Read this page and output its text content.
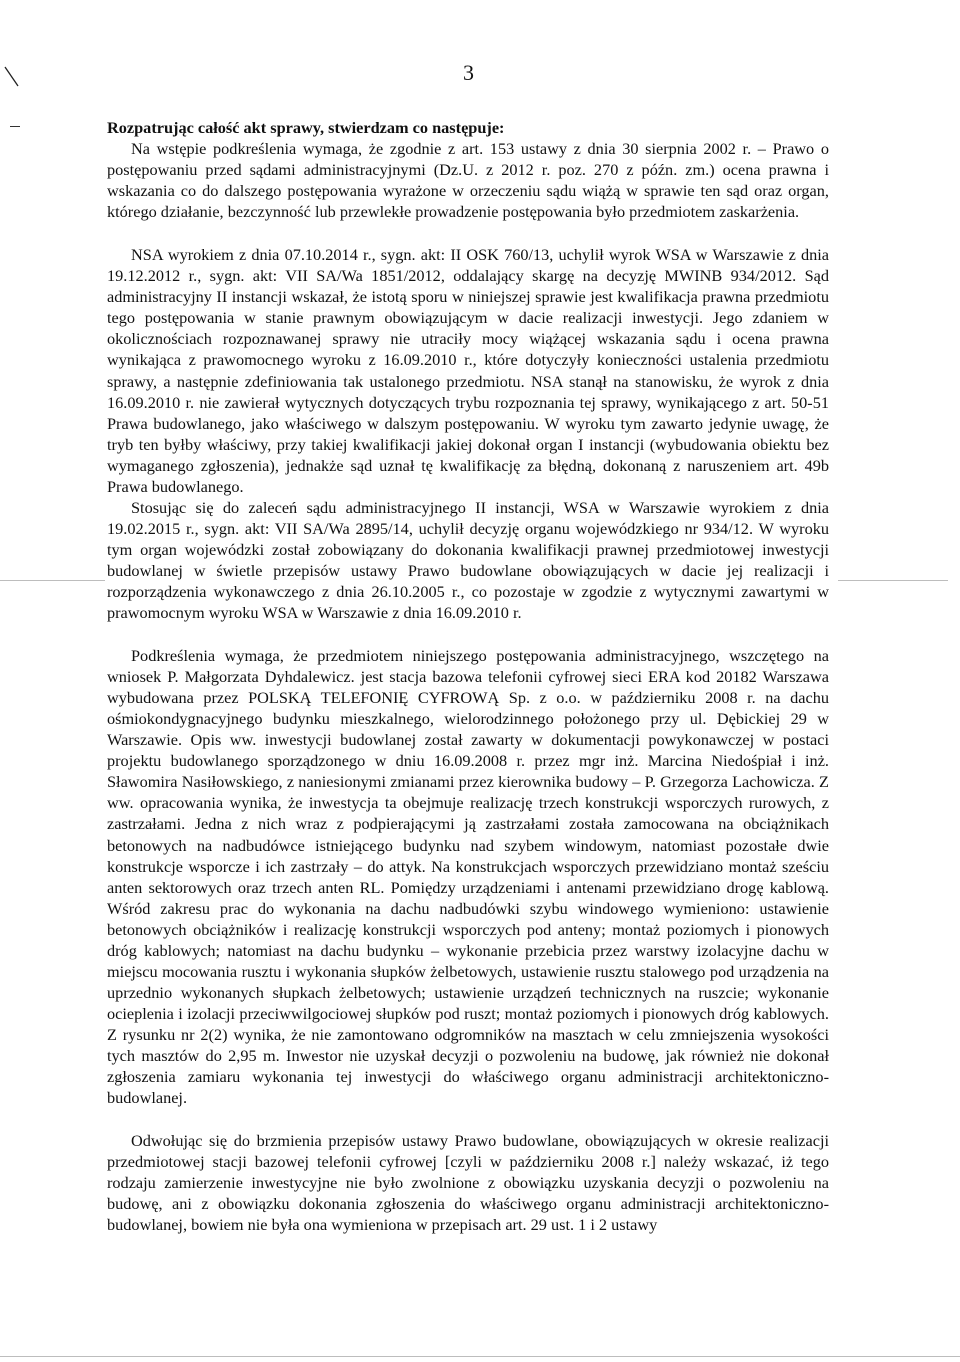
3

Rozpatrując całość akt sprawy, stwierdzam co następuje:

Na wstępie podkreślenia wymaga, że zgodnie z art. 153 ustawy z dnia 30 sierpnia 2002 r. – Prawo o postępowaniu przed sądami administracyjnymi (Dz.U. z 2012 r. poz. 270 z późn. zm.) ocena prawna i wskazania co do dalszego postępowania wyrażone w orzeczeniu sądu wiążą w sprawie ten sąd oraz organ, którego działanie, bezczynność lub przewlekłe prowadzenie postępowania było przedmiotem zaskarżenia.

NSA wyrokiem z dnia 07.10.2014 r., sygn. akt: II OSK 760/13, uchylił wyrok WSA w Warszawie z dnia 19.12.2012 r., sygn. akt: VII SA/Wa 1851/2012, oddalający skargę na decyzję MWINB 934/2012. Sąd administracyjny II instancji wskazał, że istotą sporu w niniejszej sprawie jest kwalifikacja prawna przedmiotu tego postępowania w stanie prawnym obowiązującym w dacie realizacji inwestycji. Jego zdaniem w okolicznościach rozpoznawanej sprawy nie utraciły mocy wiążącej wskazania sądu i ocena prawna wynikająca z prawomocnego wyroku z 16.09.2010 r., które dotyczyły konieczności ustalenia przedmiotu sprawy, a następnie zdefiniowania tak ustalonego przedmiotu. NSA stanął na stanowisku, że wyrok z dnia 16.09.2010 r. nie zawierał wytycznych dotyczących trybu rozpoznania tej sprawy, wynikającego z art. 50-51 Prawa budowlanego, jako właściwego w dalszym postępowaniu. W wyroku tym zawarto jedynie uwagę, że tryb ten byłby właściwy, przy takiej kwalifikacji jakiej dokonał organ I instancji (wybudowania obiektu bez wymaganego zgłoszenia), jednakże sąd uznał tę kwalifikację za błędną, dokonaną z naruszeniem art. 49b Prawa budowlanego.

Stosując się do zaleceń sądu administracyjnego II instancji, WSA w Warszawie wyrokiem z dnia 19.02.2015 r., sygn. akt: VII SA/Wa 2895/14, uchylił decyzję organu wojewódzkiego nr 934/12. W wyroku tym organ wojewódzki został zobowiązany do dokonania kwalifikacji prawnej przedmiotowej inwestycji budowlanej w świetle przepisów ustawy Prawo budowlane obowiązujących w dacie jej realizacji i rozporządzenia wykonawczego z dnia 26.10.2005 r., co pozostaje w zgodzie z wytycznymi zawartymi w prawomocnym wyroku WSA w Warszawie z dnia 16.09.2010 r.

Podkreślenia wymaga, że przedmiotem niniejszego postępowania administracyjnego, wszczętego na wniosek P. Małgorzata Dyhdalewicz. jest stacja bazowa telefonii cyfrowej sieci ERA kod 20182 Warszawa wybudowana przez POLSKĄ TELEFONIĘ CYFROWĄ Sp. z o.o. w październiku 2008 r. na dachu ośmiokondygnacyjnego budynku mieszkalnego, wielorodzinnego położonego przy ul. Dębickiej 29 w Warszawie. Opis ww. inwestycji budowlanej został zawarty w dokumentacji powykonawczej w postaci projektu budowlanego sporządzonego w dniu 16.09.2008 r. przez mgr inż. Marcina Niedośpiał i inż. Sławomira Nasiłowskiego, z naniesionymi zmianami przez kierownika budowy – P. Grzegorza Lachowicza. Z ww. opracowania wynika, że inwestycja ta obejmuje realizację trzech konstrukcji wsporczych rurowych, z zastrzałami. Jedna z nich wraz z podpierającymi ją zastrzałami została zamocowana na obciążnikach betonowych na nadbudówce istniejącego budynku nad szybem windowym, natomiast pozostałe dwie konstrukcje wsporcze i ich zastrzały – do attyk. Na konstrukcjach wsporczych przewidziano montaż sześciu anten sektorowych oraz trzech anten RL. Pomiędzy urządzeniami i antenami przewidziano drogę kablową. Wśród zakresu prac do wykonania na dachu nadbudówki szybu windowego wymieniono: ustawienie betonowych obciążników i realizację konstrukcji wsporczych pod anteny; montaż poziomych i pionowych dróg kablowych; natomiast na dachu budynku – wykonanie przebicia przez warstwy izolacyjne dachu w miejscu mocowania rusztu i wykonania słupków żelbetowych, ustawienie rusztu stalowego pod urządzenia na uprzednio wykonanych słupkach żelbetowych; ustawienie urządzeń technicznych na ruszcie; wykonanie ocieplenia i izolacji przeciwwilgociowej słupków pod ruszt; montaż poziomych i pionowych dróg kablowych. Z rysunku nr 2(2) wynika, że nie zamontowano odgromników na masztach w celu zmniejszenia wysokości tych masztów do 2,95 m. Inwestor nie uzyskał decyzji o pozwoleniu na budowę, jak również nie dokonał zgłoszenia zamiaru wykonania tej inwestycji do właściwego organu administracji architektoniczno-budowlanej.

Odwołując się do brzmienia przepisów ustawy Prawo budowlane, obowiązujących w okresie realizacji przedmiotowej stacji bazowej telefonii cyfrowej [czyli w październiku 2008 r.] należy wskazać, iż tego rodzaju zamierzenie inwestycyjne nie było zwolnione z obowiązku uzyskania decyzji o pozwoleniu na budowę, ani z obowiązku dokonania zgłoszenia do właściwego organu administracji architektoniczno-budowlanej, bowiem nie była ona wymieniona w przepisach art. 29 ust. 1 i 2 ustawy
